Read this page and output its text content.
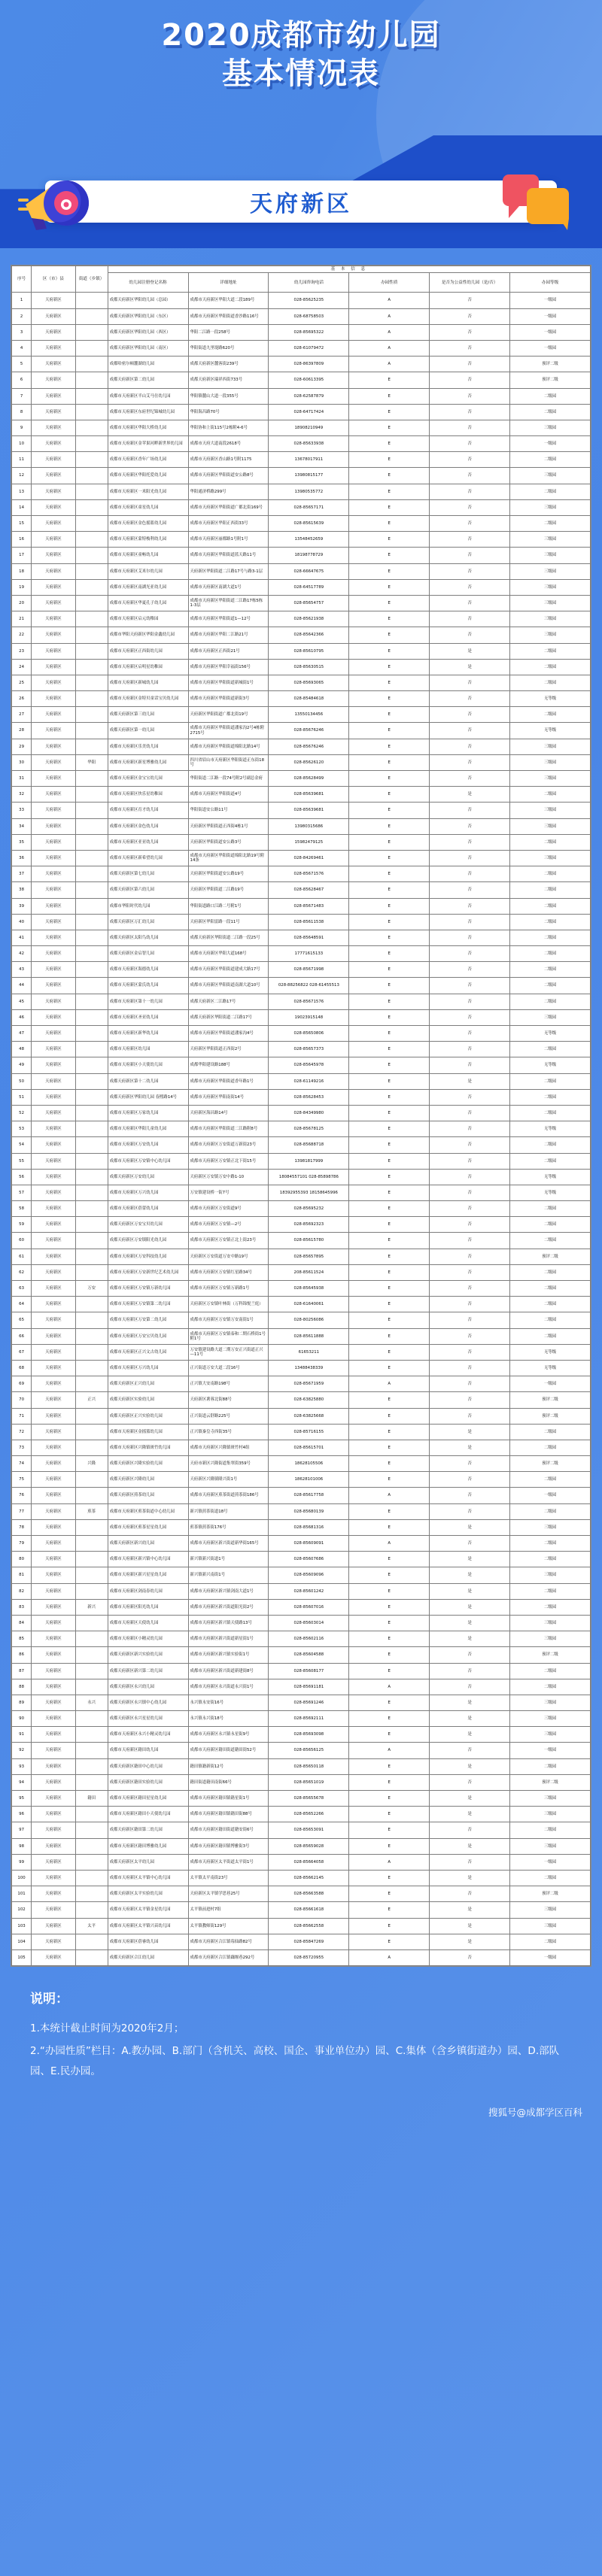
2020成都市幼儿园
基本情况表
天府新区
序号	区（市）县	街道（乡镇）	基 本 信 息					
			幼儿园注册登记名称	详细地址	幼儿园咨询电话	办园性质	是否为公益性幼儿园（是/否）	办园等级
1	天府新区		成都天府新区华阳幼儿园（总园）	成都市天府新区华阳大道二段189号	028-85625235	A	否	一级园
2	天府新区		成都天府新区华阳幼儿园（东区）	成都市天府新区华阳街道香沙路116号	028-68758503	A	否	一级园
3	天府新区		成都天府新区华阳幼儿园（西区）	华阳二江路一段258号	028-85695322	A	否	一级园
4	天府新区		成都天府新区华阳幼儿园（南区）	华阳街道九里堤路620号	028-61079472	A	否	一级园
5	天府新区		成都哈密尔顿麓湖幼儿园	成都天府新区麓客街239号	028-86397809	A	否	预评二级
6	天府新区		成都天府新区第二幼儿园	成都天府新区瑞祥西街733号	028-60613395	E	否	预评二级
7	天府新区		成都市天府新区半山艾马仕幼儿园	华阳镇麓山大道一段355号	028-62587879	E	否	二级园
8	天府新区		成都市天府新区东府世纪锦城幼儿园	华阳海昌路70号	028-64717424	E	否	二级园
9	天府新区		成都市天府新区华阳大桥幼儿园	华阳协和上街115号2栋附4-6号	18908210949	E	否	三级园
10	天府新区		成都市天府新区金苹果河畔新世界幼儿园	成都市天府大道南段2618号	028-85633938	E	否	一级园
11	天府新区		成都市天府新区香年广场幼儿园	成都市天府新区香山路1号附1175	13678017911	E	否	二级园
12	天府新区		成都市天府新区华阳托爱幼儿园	成都市天府新区华阳街道安公路8号	13980815177	E	否	三级园
13	天府新区		成都市天府新区一米阳光幼儿园	华阳通济桥路299号	13980535772	E	否	二级园
14	天府新区		成都市天府新区童星幼儿园	成都市天府新区华阳街道广都北街169号	028-85657171	E	否	三级园
15	天府新区		成都市天府新区金色摇篮幼儿园	成都市天府新区华阳正西街33号	028-85615639	E	否	二级园
16	天府新区		成都市天府新区蒙特梭利幼儿园	成都市天府新区丽都路1号附1号	13548452659	E	否	三级园
17	天府新区		成都市天府新区童畅幼儿园	成都市天府新区华阳街道蓝天路11号	18198778729	E	否	三级园
18	天府新区		成都市天府新区艾米尔幼儿园	天府新区华阳街道二江路17号与路3-1层	028-66647675	E	否	三级园
19	天府新区		成都市天府新区南湖光亚幼儿园	成都市天府新区南湖大道1号	028-64517789	E	否	三级园
20	天府新区		成都市天府新区华夏孔子幼儿园	成都市天府新区华阳街道二江路17栋5栋1-3层	028-85654757	E	否	三级园
21	天府新区		成都市天府新区启元幼稚园	成都市天府新区华阳街道1—12号	028-85621938	E	否	三级园
22	天府新区		成都市华阳天府新区华阳金鑫幼儿园	成都市天府新区华阳二江路21号	028-85642366	E	否	三级园
23	天府新区		成都市天府新区正西街幼儿园	成都市天府新区正西街21号	028-85610795	E	是	二级园
24	天府新区		成都市天府新区启明星幼稚园	成都市天府新区华阳幸福街156号	028-85630515	E	是	二级园
25	天府新区		成都市天府新区新城幼儿园	成都市天府新区华阳街道新城街1号	028-85693065	E	否	二级园
26	天府新区		成都市天府新区金特贝童话宝贝幼儿园	成都市天府新区华阳街道新街3号	028-85484618	E	否	无等级
27	天府新区		成都天府新区第三幼儿园	天府新区华阳街道广都北街19号	13550134456	E	否	二级园
28	天府新区		成都天府新区第一幼儿园	成都市天府新区华阳街道潘家沟2号4栋附2715号	028-85676246	E	否	无等级
29	天府新区		成都市天府新区乐美幼儿园	成都市天府新区华阳街道绵阳北路14号	028-85676246	E	否	三级园
30	天府新区	华阳	成都市天府新区新星博雅幼儿园	四川省眉山市天府新区华阳街道正东街18号	028-85626120	E	否	三级园
31	天府新区		成都市天府新区金宝宝幼儿园	华阳街道二江路一段74号附2号副总金府	028-85628499	E	否	三级园
32	天府新区		成都市天府新区快乐星幼稚园	成都市天府新区华阳街道4号	028-85639681	E	是	二级园
33	天府新区		成都市天府新区育才幼儿园	华阳街道安公路11号	028-85639681	E	否	三级园
34	天府新区		成都市天府新区金色幼儿园	天府新区华阳街道正西街4栋1号	13980315686	E	否	三级园
35	天府新区		成都市天府新区亚亚幼儿园	天府新区华阳街道安公路3号	15982479125	E	否	二级园
36	天府新区		成都市天府新区新希望幼儿园	成都市天府新区华阳街道绵阳北路19号附14条	028-84269461	E	否	三级园
37	天府新区		成都天府新区第七幼儿园	天府新区华阳街道安公路19号	028-85671576	E	否	二级园
38	天府新区		成都天府新区第六幼儿园	天府新区华阳街道二江路19号	028-85628467	E	否	二级园
39	天府新区		成都市华阳时代幼儿园	华阳街道路口江路二号附1号	028-85671483	E	否	二级园
40	天府新区		成都天府新区万汇幼儿园	天府新区华阳雷路一段11号	028-85611538	E	否	二级园
41	天府新区		成都天府新区太阳鸟幼儿园	成都天府新区华阳街道二江路一段25号	028-85648591	E	否	二级园
42	天府新区		成都天府新区金启智儿园	成都市天府新区华阳大道168号	17771615133	E	否	二级园
43	天府新区		成都市天府新区海德幼儿园	成都市天府新区华阳街道建成大路17号	028-85671998	E	否	二级园
44	天府新区		成都市天府新区蒙氏幼儿园	成都市天府新区华阳街道南湖大道10号	028-88256822 028-61455513	E	否	二级园
45	天府新区		成都市天府新区第十一幼儿园	成都天府新区二江路17号	028-85671576	E	否	二级园
46	天府新区		成都市天府新区圣亚幼儿园	成都天府新区华阳街道二江路17号	19023915148	E	否	三级园
47	天府新区		成都市天府新区新华幼儿园	成都市天府新区华阳街道潘家沟4号	028-85650806	E	否	无等级
48	天府新区		成都市天府新区幼儿园	天府新区华阳街道正西街2号	028-85657373	E	否	二级园
49	天府新区		成都市天府新区小天使幼儿园	成都华阳建设路188号	028-85645978	E	否	无等级
50	天府新区		成都天府新区第十二幼儿园	成都市天府新区华阳街道香年路1号	028-61149216	E	是	二级园
51	天府新区		成都天府新区华阳幼儿园 春熙路14号	成都市天府新区华阳南街14号	028-85628453	E	否	二级园
52	天府新区		成都市天府新区万家幼儿园	天府新区海昌路14号	028-84349980	E	否	二级园
53	天府新区		成都市天府新区华阳儿童幼儿园	成都市天府新区华阳街道二江路附8号	028-85678125	E	否	无等级
54	天府新区		成都市天府新区万安幼儿园	成都市天府新区万安街道万新街23号	028-85688718	E	否	二级园
55	天府新区		成都市天府新区万安镇中心幼儿园	成都市天府新区万安镇正北下街15号	13981817999	E	否	二级园
56	天府新区		成都天府新区万安幼儿园	天府新区万安镇万安中路1-10	18084557101 028-85898786	E	否	无等级
57	天府新区		成都市天府新区万兴幼儿园	万安镇建设桥一街7号	18392955393 18158645996	E	否	无等级
58	天府新区		成都市天府新区蓓蕾幼儿园	成都市天府新区万安街道9号	028-85695232	E	否	二级园
59	天府新区		成都天府新区万安宝贝幼儿园	成都市天府新区万安镇—2号	028-85692323	E	否	二级园
60	天府新区		成都天府新区万安镇阳光幼儿园	成都市天府新区万安镇正北上街23号	028-85615780	E	否	二级园
61	天府新区		成都市天府新区万安科技幼儿园	天府新区万安街道万安中路19号	028-85657895	E	否	预评二级
62	天府新区		成都市天府新区万安新世纪艺术幼儿园	成都市天府新区万安镇红星路34号	208-85611524	E	否	二级园
63	天府新区	万安	成都市天府新区万安镇万新幼儿园	成都市天府新区万安镇万新路1号	028-85645938	E	否	二级园
64	天府新区		成都市天府新区万安镇第二幼儿园	天府新区万安镇叶林街（万科锦悦兰庭）	028-61640061	E	否	二级园
65	天府新区		成都市天府新区万安第二幼儿园	成都市天府新区万安镇万安南街1号	028-80256086	E	否	二级园
66	天府新区		成都市天府新区万安宝贝幼儿园	成都市天府新区万安镇泰和二期石桥街1号附1号	028-85611888	E	否	二级园
67	天府新区		成都市天府新区正兴文古幼儿园	万安镇建设路大道二期万安正兴街道正兴—11号	61653211	E	否	无等级
68	天府新区		成都市天府新区万兴幼儿园	正兴街道万安大道二段16号	13488438339	E	否	无等级
69	天府新区		成都天府新区正兴幼儿园	正兴镇大安南路198号	028-85671959	A	否	一级园
70	天府新区	正兴	成都天府新区实验幼儿园	天府新区薯蓉北街88号	028-63825880	E	否	预评二级
71	天府新区		成都天府新区正兴实验幼儿园	正兴街道云舒路225号	028-63825668	E	否	预评二级
72	天府新区		成都市天府新区金摇篮幼儿园	正兴镇秦皇寺西街35号	028-85716155	E	是	二级园
73	天府新区		成都市天府新区兴隆镇斑竹幼儿园	成都市天府新区兴隆镇斑竹村4组	028-85615701	E	是	二级园
74	天府新区	兴隆	成都天府新区兴隆实验幼儿园	天府市新区兴隆街道集翠街359号	18628105506	E	否	预评二级
75	天府新区		成都天府新区兴隆幼儿园	天府新区兴隆镇隆兴街1号	18628101006	E	否	二级园
76	天府新区		成都天府新区煎茶幼儿园	成都市天府新区煎茶街道煎茶街186号	028-85617758	A	否	一级园
77	天府新区	煎茶	成都市天府新区煎茶街道中心幼儿园	新兴镇煎茶街道18号	028-85680139	E	否	二级园
78	天府新区		成都市天府新区煎茶星星幼儿园	煎茶镇煎茶街176号	028-85681316	E	是	三级园
79	天府新区		成都天府新区新兴幼儿园	成都市天府新区新兴街道新华街165号	028-85609091	A	否	二级园
80	天府新区		成都市天府新区新兴镇中心幼儿园	新兴镇新兴街道1号	028-85607686	E	是	二级园
81	天府新区		成都市天府新区新兴星星幼儿园	新兴镇新兴南街1号	028-85609096	E	是	三级园
82	天府新区		成都市天府新区剑南春幼儿园	成都市天府新区新兴镇剑南大道1号	028-85601242	E	是	二级园
83	天府新区	新兴	成都市天府新区阳光幼儿园	成都市天府新区新兴街道阳光街2号	028-85607016	E	是	二级园
84	天府新区		成都市天府新区天使幼儿园	成都市天府新区新兴镇天使路13号	028-85603014	E	是	三级园
85	天府新区		成都市天府新区小精灵幼儿园	成都市天府新区新兴街道新星街1号	028-85602116	E	是	三级园
86	天府新区		成都天府新区新兴实验幼儿园	成都市天府新区新兴镇实验街1号	028-85604588	E	否	预评二级
87	天府新区		成都天府新区新兴第二幼儿园	成都市天府新区新兴街道新建街8号	028-85608177	E	否	二级园
88	天府新区		成都天府新区永兴幼儿园	成都市天府新区永兴街道永兴街1号	028-85691181	A	否	二级园
89	天府新区	永兴	成都天府新区永兴镇中心幼儿园	永兴镇永安街16号	028-85691246	E	是	三级园
90	天府新区		成都天府新区永兴星星幼儿园	永兴镇永兴街18号	028-85692111	E	是	三级园
91	天府新区		成都市天府新区永兴小精灵幼儿园	成都市天府新区永兴镇永星街9号	028-85693098	E	是	三级园
92	天府新区		成都市天府新区籍田幼儿园	成都市天府新区籍田街道籍田街52号	028-85656125	A	否	一级园
93	天府新区		成都天府新区籍田中心幼儿园	籍田镇籍新街12号	028-85650118	E	是	二级园
94	天府新区		成都天府新区籍田实验幼儿园	籍田街道籍田南街66号	028-85651019	E	否	预评二级
95	天府新区	籍田	成都市天府新区籍田星星幼儿园	成都市天府新区籍田镇籍星街1号	028-85655678	E	是	三级园
96	天府新区		成都市天府新区籍田小天使幼儿园	成都市天府新区籍田镇籍田街88号	028-85652266	E	是	三级园
97	天府新区		成都天府新区籍田第二幼儿园	成都市天府新区籍田街道籍安街6号	028-85653091	E	否	二级园
98	天府新区		成都市天府新区籍田博雅幼儿园	成都市天府新区籍田镇博雅街3号	028-85659028	E	是	三级园
99	天府新区		成都天府新区太平幼儿园	成都市天府新区太平街道太平街1号	028-85664058	A	否	一级园
100	天府新区		成都市天府新区太平镇中心幼儿园	太平镇太平南街23号	028-85662145	E	是	二级园
101	天府新区		成都天府新区太平实验幼儿园	天府新区太平镇学思巷25号	028-85663588	E	否	预评二级
102	天府新区		成都市天府新区太平镇金星幼儿园	太平镇前进村7组	028-85661618	E	是	三级园
103	天府新区	太平	成都市天府新区太平镇兴苗幼儿园	太平镇教师街129号	028-85662558	E	是	三级园
104	天府新区		成都市天府新区蓓睿幼儿园	成都市天府新区合江镇莓仙路82号	028-85847269	E	是	二级园
105	天府新区		成都天府新区合江幼儿园	成都市天府新区合江镇藕堰巷292号	028-85720955	A	否	一级园
说明：

1.本统计截止时间为2020年2月；

2.“办园性质”栏目：A.教办园、B.部门（含机关、高校、国企、事业单位办）园、C.集体（含乡镇街道办）园、D.部队园、E.民办园。

搜狐号@成都学区百科
